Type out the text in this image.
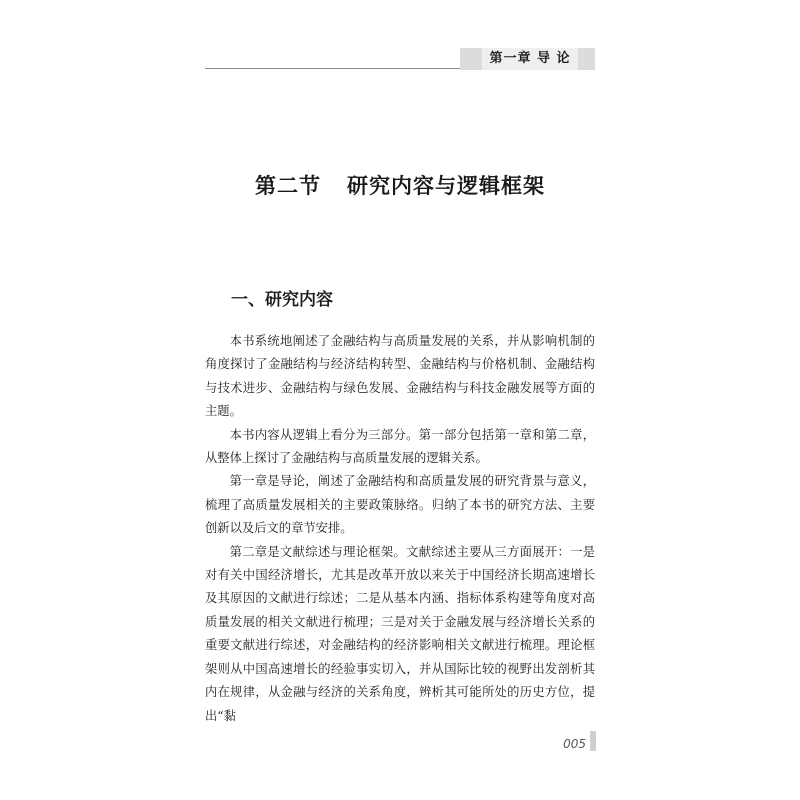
第一章 导 论
第二节 研究内容与逻辑框架
一、研究内容

本书系统地阐述了金融结构与高质量发展的关系，并从影响机制的角度探讨了金融结构与经济结构转型、金融结构与价格机制、金融结构与技术进步、金融结构与绿色发展、金融结构与科技金融发展等方面的主题。

本书内容从逻辑上看分为三部分。第一部分包括第一章和第二章，从整体上探讨了金融结构与高质量发展的逻辑关系。

第一章是导论，阐述了金融结构和高质量发展的研究背景与意义，梳理了高质量发展相关的主要政策脉络。归纳了本书的研究方法、主要创新以及后文的章节安排。

第二章是文献综述与理论框架。文献综述主要从三方面展开：一是对有关中国经济增长，尤其是改革开放以来关于中国经济长期高速增长及其原因的文献进行综述；二是从基本内涵、指标体系构建等角度对高质量发展的相关文献进行梳理；三是对关于金融发展与经济增长关系的重要文献进行综述，对金融结构的经济影响相关文献进行梳理。理论框架则从中国高速增长的经验事实切入，并从国际比较的视野出发剖析其内在规律，从金融与经济的关系角度，辨析其可能所处的历史方位，提出“黏

005
